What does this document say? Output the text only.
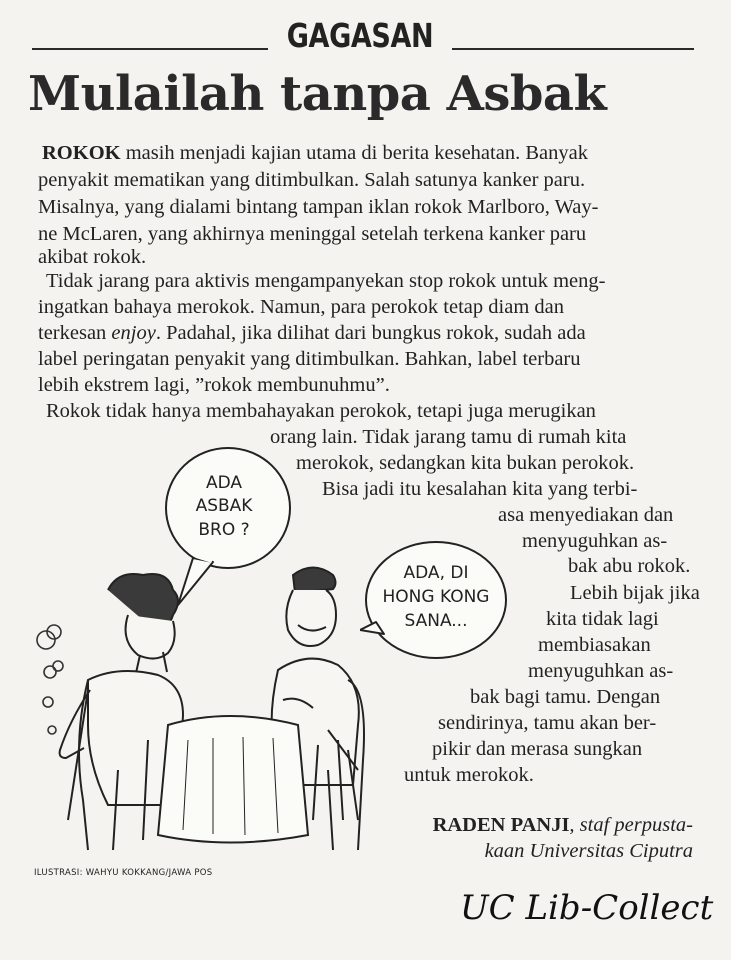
GAGASAN
Mulailah tanpa Asbak
ROKOK masih menjadi kajian utama di berita kesehatan. Banyak
penyakit mematikan yang ditimbulkan. Salah satunya kanker paru.
Misalnya, yang dialami bintang tampan iklan rokok Marlboro, Way-
ne McLaren, yang akhirnya meninggal setelah terkena kanker paru
akibat rokok.
Tidak jarang para aktivis mengampanyekan stop rokok untuk meng-
ingatkan bahaya merokok. Namun, para perokok tetap diam dan
terkesan enjoy. Padahal, jika dilihat dari bungkus rokok, sudah ada
label peringatan penyakit yang ditimbulkan. Bahkan, label terbaru
lebih ekstrem lagi, ”rokok membunuhmu”.
Rokok tidak hanya membahayakan perokok, tetapi juga merugikan
orang lain. Tidak jarang tamu di rumah kita
merokok, sedangkan kita bukan perokok.
Bisa jadi itu kesalahan kita yang terbi-
asa menyediakan dan
menyuguhkan as-
bak abu rokok.
Lebih bijak jika
kita tidak lagi
membiasakan
menyuguhkan as-
bak bagi tamu. Dengan
sendirinya, tamu akan ber-
pikir dan merasa sungkan
untuk merokok.
RADEN PANJI, staf perpusta-
kaan Universitas Ciputra
ADA
ASBAK
BRO ?
ADA, DI
HONG KONG
SANA...
ILUSTRASI: WAHYU KOKKANG/JAWA POS
UC Lib-Collect
